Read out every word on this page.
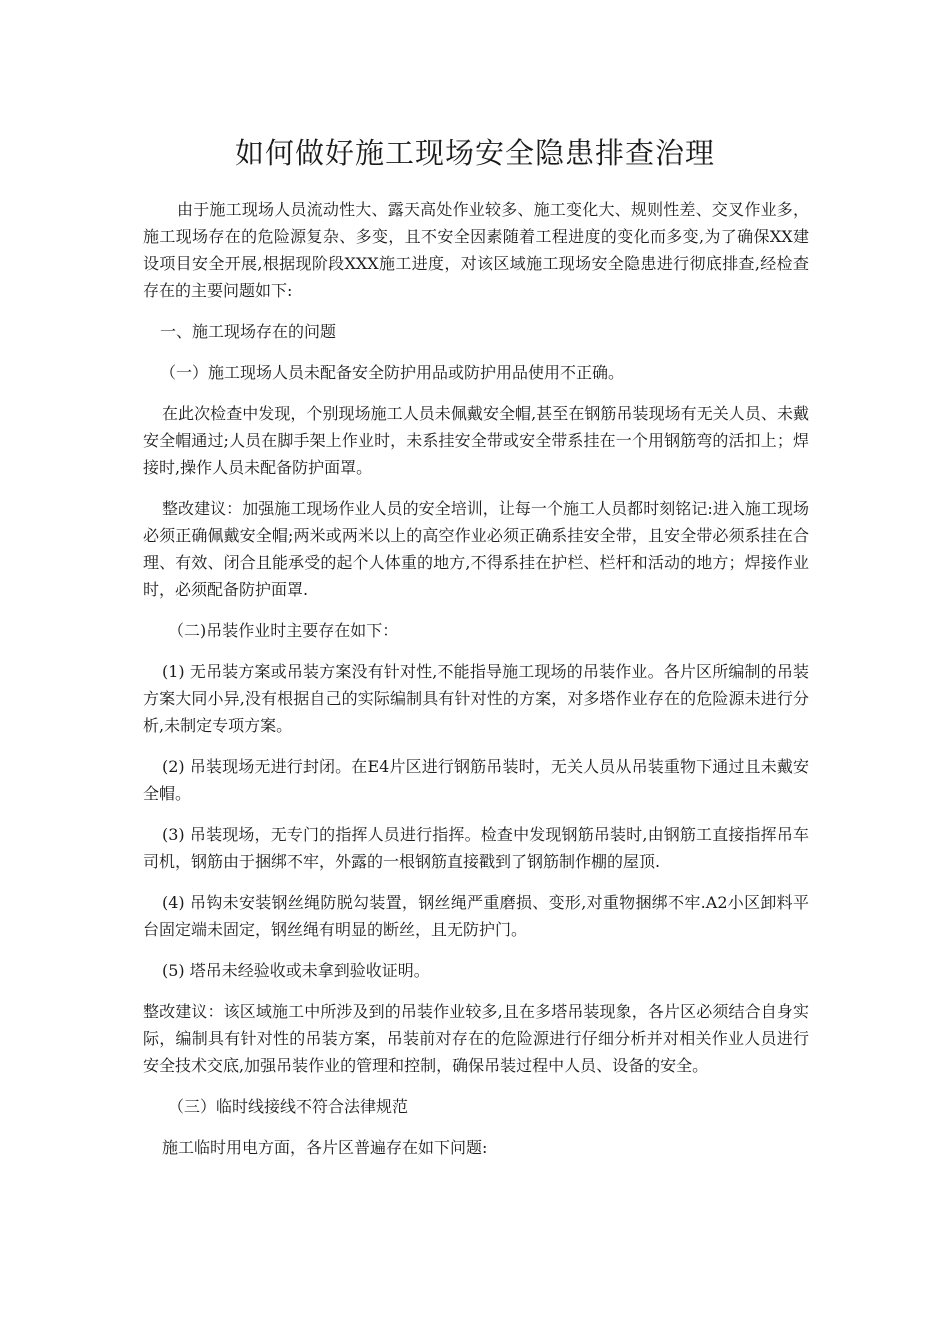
如何做好施工现场安全隐患排查治理

由于施工现场人员流动性大、露天高处作业较多、施工变化大、规则性差、交叉作业多，施工现场存在的危险源复杂、多变，且不安全因素随着工程进度的变化而多变,为了确保XX建设项目安全开展,根据现阶段XXX施工进度，对该区域施工现场安全隐患进行彻底排查,经检查存在的主要问题如下:

一、施工现场存在的问题

（一）施工现场人员未配备安全防护用品或防护用品使用不正确。

在此次检查中发现，个别现场施工人员未佩戴安全帽,甚至在钢筋吊装现场有无关人员、未戴安全帽通过;人员在脚手架上作业时，未系挂安全带或安全带系挂在一个用钢筋弯的活扣上；焊接时,操作人员未配备防护面罩。

整改建议：加强施工现场作业人员的安全培训，让每一个施工人员都时刻铭记:进入施工现场必须正确佩戴安全帽;两米或两米以上的高空作业必须正确系挂安全带，且安全带必须系挂在合理、有效、闭合且能承受的起个人体重的地方,不得系挂在护栏、栏杆和活动的地方；焊接作业时，必须配备防护面罩.

（二)吊装作业时主要存在如下：

(1) 无吊装方案或吊装方案没有针对性,不能指导施工现场的吊装作业。各片区所编制的吊装方案大同小异,没有根据自己的实际编制具有针对性的方案，对多塔作业存在的危险源未进行分析,未制定专项方案。

(2) 吊装现场无进行封闭。在E4片区进行钢筋吊装时，无关人员从吊装重物下通过且未戴安全帽。

(3) 吊装现场，无专门的指挥人员进行指挥。检查中发现钢筋吊装时,由钢筋工直接指挥吊车司机，钢筋由于捆绑不牢，外露的一根钢筋直接戳到了钢筋制作棚的屋顶.

(4) 吊钩未安装钢丝绳防脱勾装置，钢丝绳严重磨损、变形,对重物捆绑不牢.A2小区卸料平台固定端未固定，钢丝绳有明显的断丝，且无防护门。

(5) 塔吊未经验收或未拿到验收证明。

整改建议：该区域施工中所涉及到的吊装作业较多,且在多塔吊装现象，各片区必须结合自身实际，编制具有针对性的吊装方案，吊装前对存在的危险源进行仔细分析并对相关作业人员进行安全技术交底,加强吊装作业的管理和控制，确保吊装过程中人员、设备的安全。

（三）临时线接线不符合法律规范

施工临时用电方面，各片区普遍存在如下问题:
